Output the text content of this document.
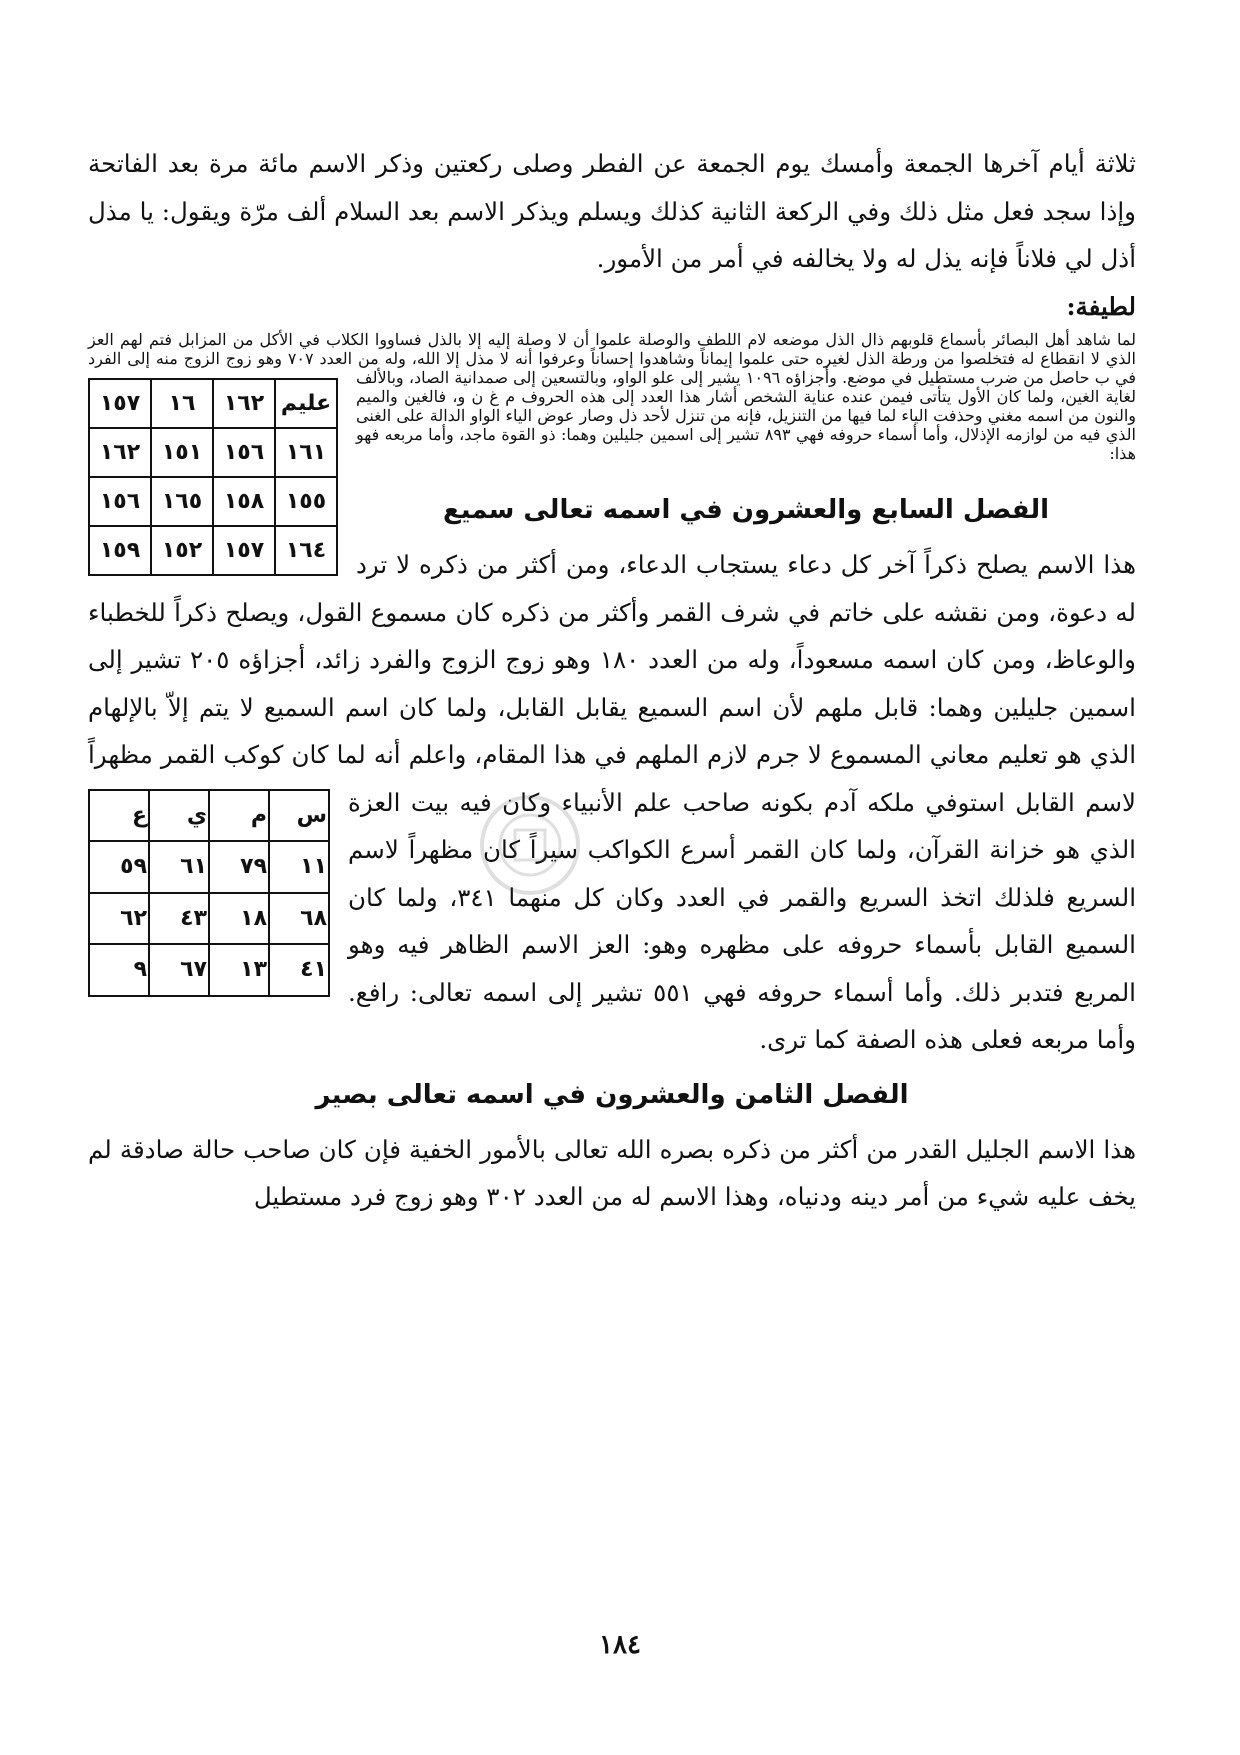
ثلاثة أيام آخرها الجمعة وأمسك يوم الجمعة عن الفطر وصلى ركعتين وذكر الاسم مائة مرة بعد الفاتحة وإذا سجد فعل مثل ذلك وفي الركعة الثانية كذلك ويسلم ويذكر الاسم بعد السلام ألف مرّة ويقول: يا مذل أذل لي فلاناً فإنه يذل له ولا يخالفه في أمر من الأمور.

لطيفة:

لما شاهد أهل البصائر بأسماع قلوبهم ذال الذل موضعه لام اللطف والوصلة علموا أن لا وصلة إليه إلا بالذل فساووا الكلاب في الأكل من المزابل فتم لهم العز الذي لا انقطاع له فتخلصوا من ورطة الذل لغيره حتى علموا إيماناً وشاهدوا إحساناً وعرفوا أنه لا مذل إلا الله، وله من العدد ٧٠٧ وهو زوج الزوج منه إلى الفرد في ب حاصل من ضرب مستطيل في موضع. وأجزاؤه ١٠٩٦ يشير إلى
عليم	١٦٢	١٦	١٥٧
١٦١	١٥٦	١٥١	١٦٢
١٥٥	١٥٨	١٦٥	١٥٦
١٦٤	١٥٧	١٥٢	١٥٩
علو الواو، وبالتسعين إلى صمدانية الصاد، وبالألف لغاية الغين، ولما كان الأول يتأتى فيمن عنده عناية الشخص أشار هذا العدد إلى هذه الحروف م غ ن و، فالغين والميم والنون من اسمه مغني وحذفت الياء لما فيها من التنزيل، فإنه من تنزل لأحد ذل وصار عوض الياء الواو الدالة على الغنى الذي فيه من لوازمه الإذلال، وأما أسماء حروفه فهي ٨٩٣ تشير إلى اسمين جليلين وهما: ذو القوة ماجد، وأما مربعه فهو هذا:

الفصل السابع والعشرون في اسمه تعالى سميع

هذا الاسم يصلح ذكراً آخر كل دعاء يستجاب الدعاء، ومن أكثر من ذكره لا ترد له دعوة، ومن نقشه على خاتم في شرف القمر وأكثر من ذكره كان مسموع القول، ويصلح ذكراً للخطباء والوعاظ، ومن كان اسمه مسعوداً، وله من العدد ١٨٠ وهو زوج الزوج والفرد زائد، أجزاؤه ٢٠٥ تشير إلى اسمين جليلين وهما: قابل ملهم لأن اسم السميع يقابل القابل، ولما كان اسم السميع لا يتم إلاّ بالإلهام الذي هو تعليم معاني المسموع لا جرم لازم الملهم في هذا المقام، واعلم أنه لما كان كوكب القمر مظهراً
س	م	ي	ع
١١	٧٩	٦١	٥٩
٦٨	١٨	٤٣	٦٢
٤١	١٣	٦٧	٩
لاسم القابل استوفي ملكه آدم بكونه صاحب علم الأنبياء وكان فيه بيت العزة الذي هو خزانة القرآن، ولما كان القمر أسرع الكواكب سيراً كان مظهراً لاسم السريع فلذلك اتخذ السريع والقمر في العدد وكان كل منهما ٣٤١، ولما كان السميع القابل بأسماء حروفه على مظهره وهو: العز الاسم الظاهر فيه وهو المربع فتدبر ذلك. وأما أسماء حروفه فهي ٥٥١ تشير إلى اسمه تعالى: رافع. وأما مربعه فعلى هذه الصفة كما ترى.

الفصل الثامن والعشرون في اسمه تعالى بصير

هذا الاسم الجليل القدر من أكثر من ذكره بصره الله تعالى بالأمور الخفية فإن كان صاحب حالة صادقة لم يخف عليه شيء من أمر دينه ودنياه، وهذا الاسم له من العدد ٣٠٢ وهو زوج فرد مستطيل

١٨٤
